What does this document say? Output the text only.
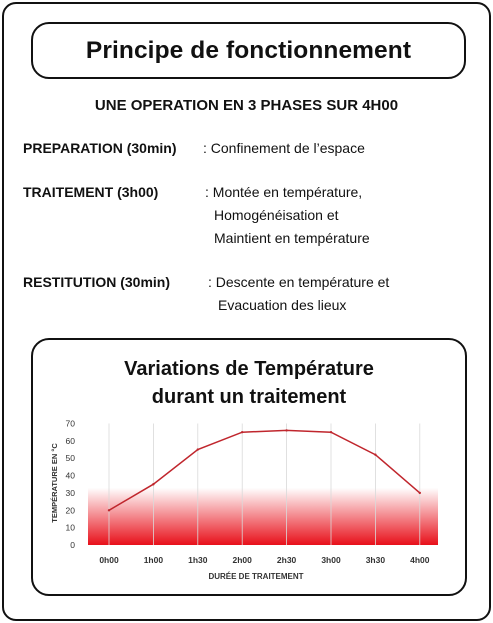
Principe de fonctionnement
UNE OPERATION EN 3 PHASES SUR 4H00
PREPARATION (30min) : Confinement de l’espace
TRAITEMENT (3h00)	: Montée en température,
Homogénéisation et
Maintient en température
RESTITUTION (30min)	: Descente en température et
Evacuation des lieux
Variations de Température
durant un traitement
0
10
20
30
40
50
60
70
0h00	1h00	1h30	2h00	2h30	3h00	3h30	4h00
TEMPÉRATURE EN °C
DURÉE DE TRAITEMENT
